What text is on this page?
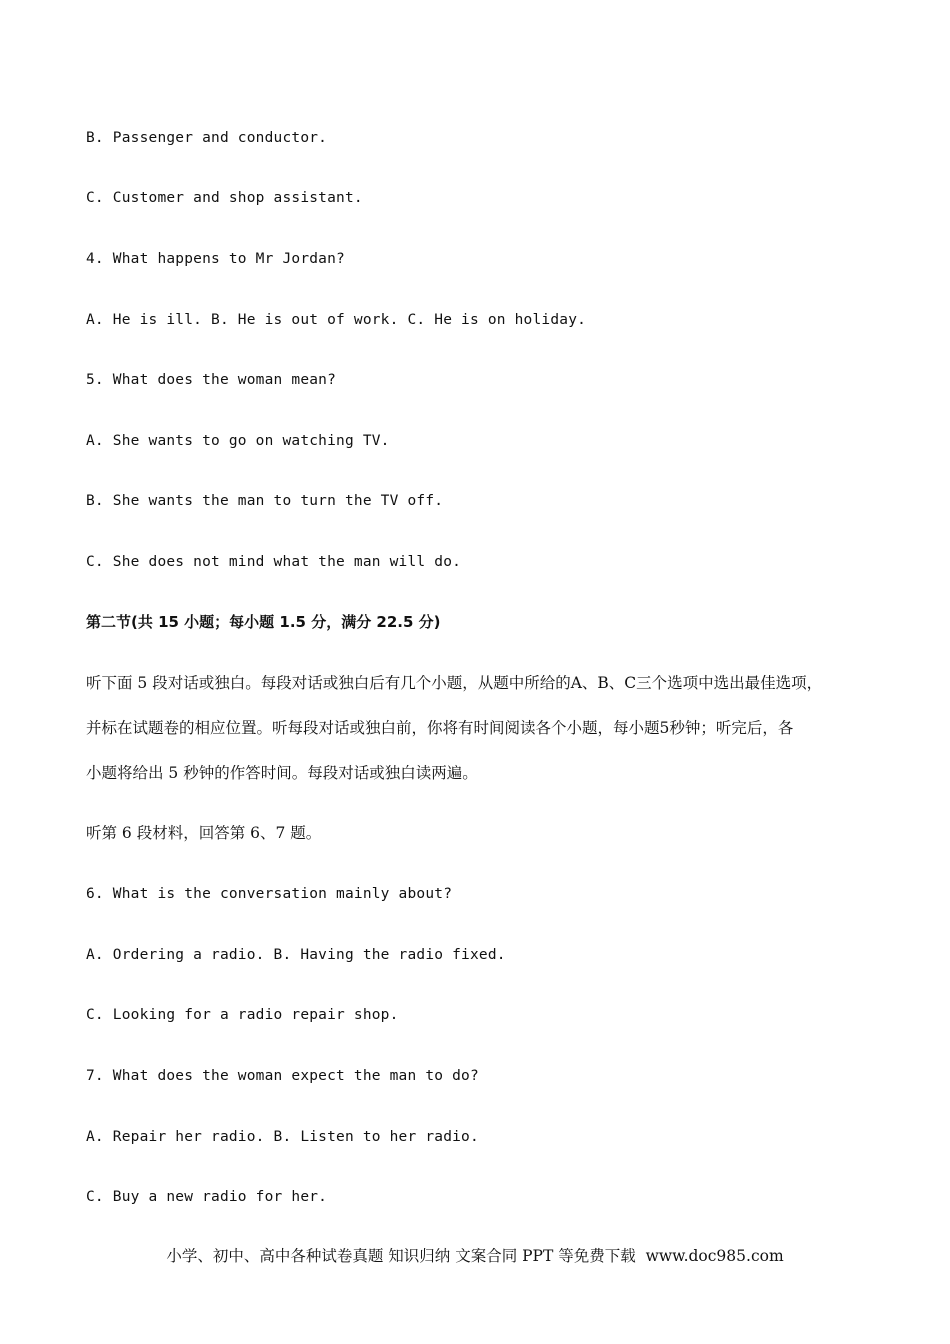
B. Passenger and conductor.
C. Customer and shop assistant.
4. What happens to Mr Jordan?
A. He is ill. B. He is out of work. C. He is on holiday.
5. What does the woman mean?
A. She wants to go on watching TV.
B. She wants the man to turn the TV off.
C. She does not mind what the man will do.
第二节(共 15 小题；每小题 1.5 分，满分 22.5 分)
听下面 5 段对话或独白。每段对话或独白后有几个小题，从题中所给的A、B、C三个选项中选出最佳选项，
并标在试题卷的相应位置。听每段对话或独白前，你将有时间阅读各个小题，每小题5秒钟；听完后，各
小题将给出 5 秒钟的作答时间。每段对话或独白读两遍。
听第 6 段材料，回答第 6、7 题。
6. What is the conversation mainly about?
A. Ordering a radio. B. Having the radio fixed.
C. Looking for a radio repair shop.
7. What does the woman expect the man to do?
A. Repair her radio. B. Listen to her radio.
C. Buy a new radio for her.
小学、初中、高中各种试卷真题 知识归纳 文案合同 PPT 等免费下载  www.doc985.com
